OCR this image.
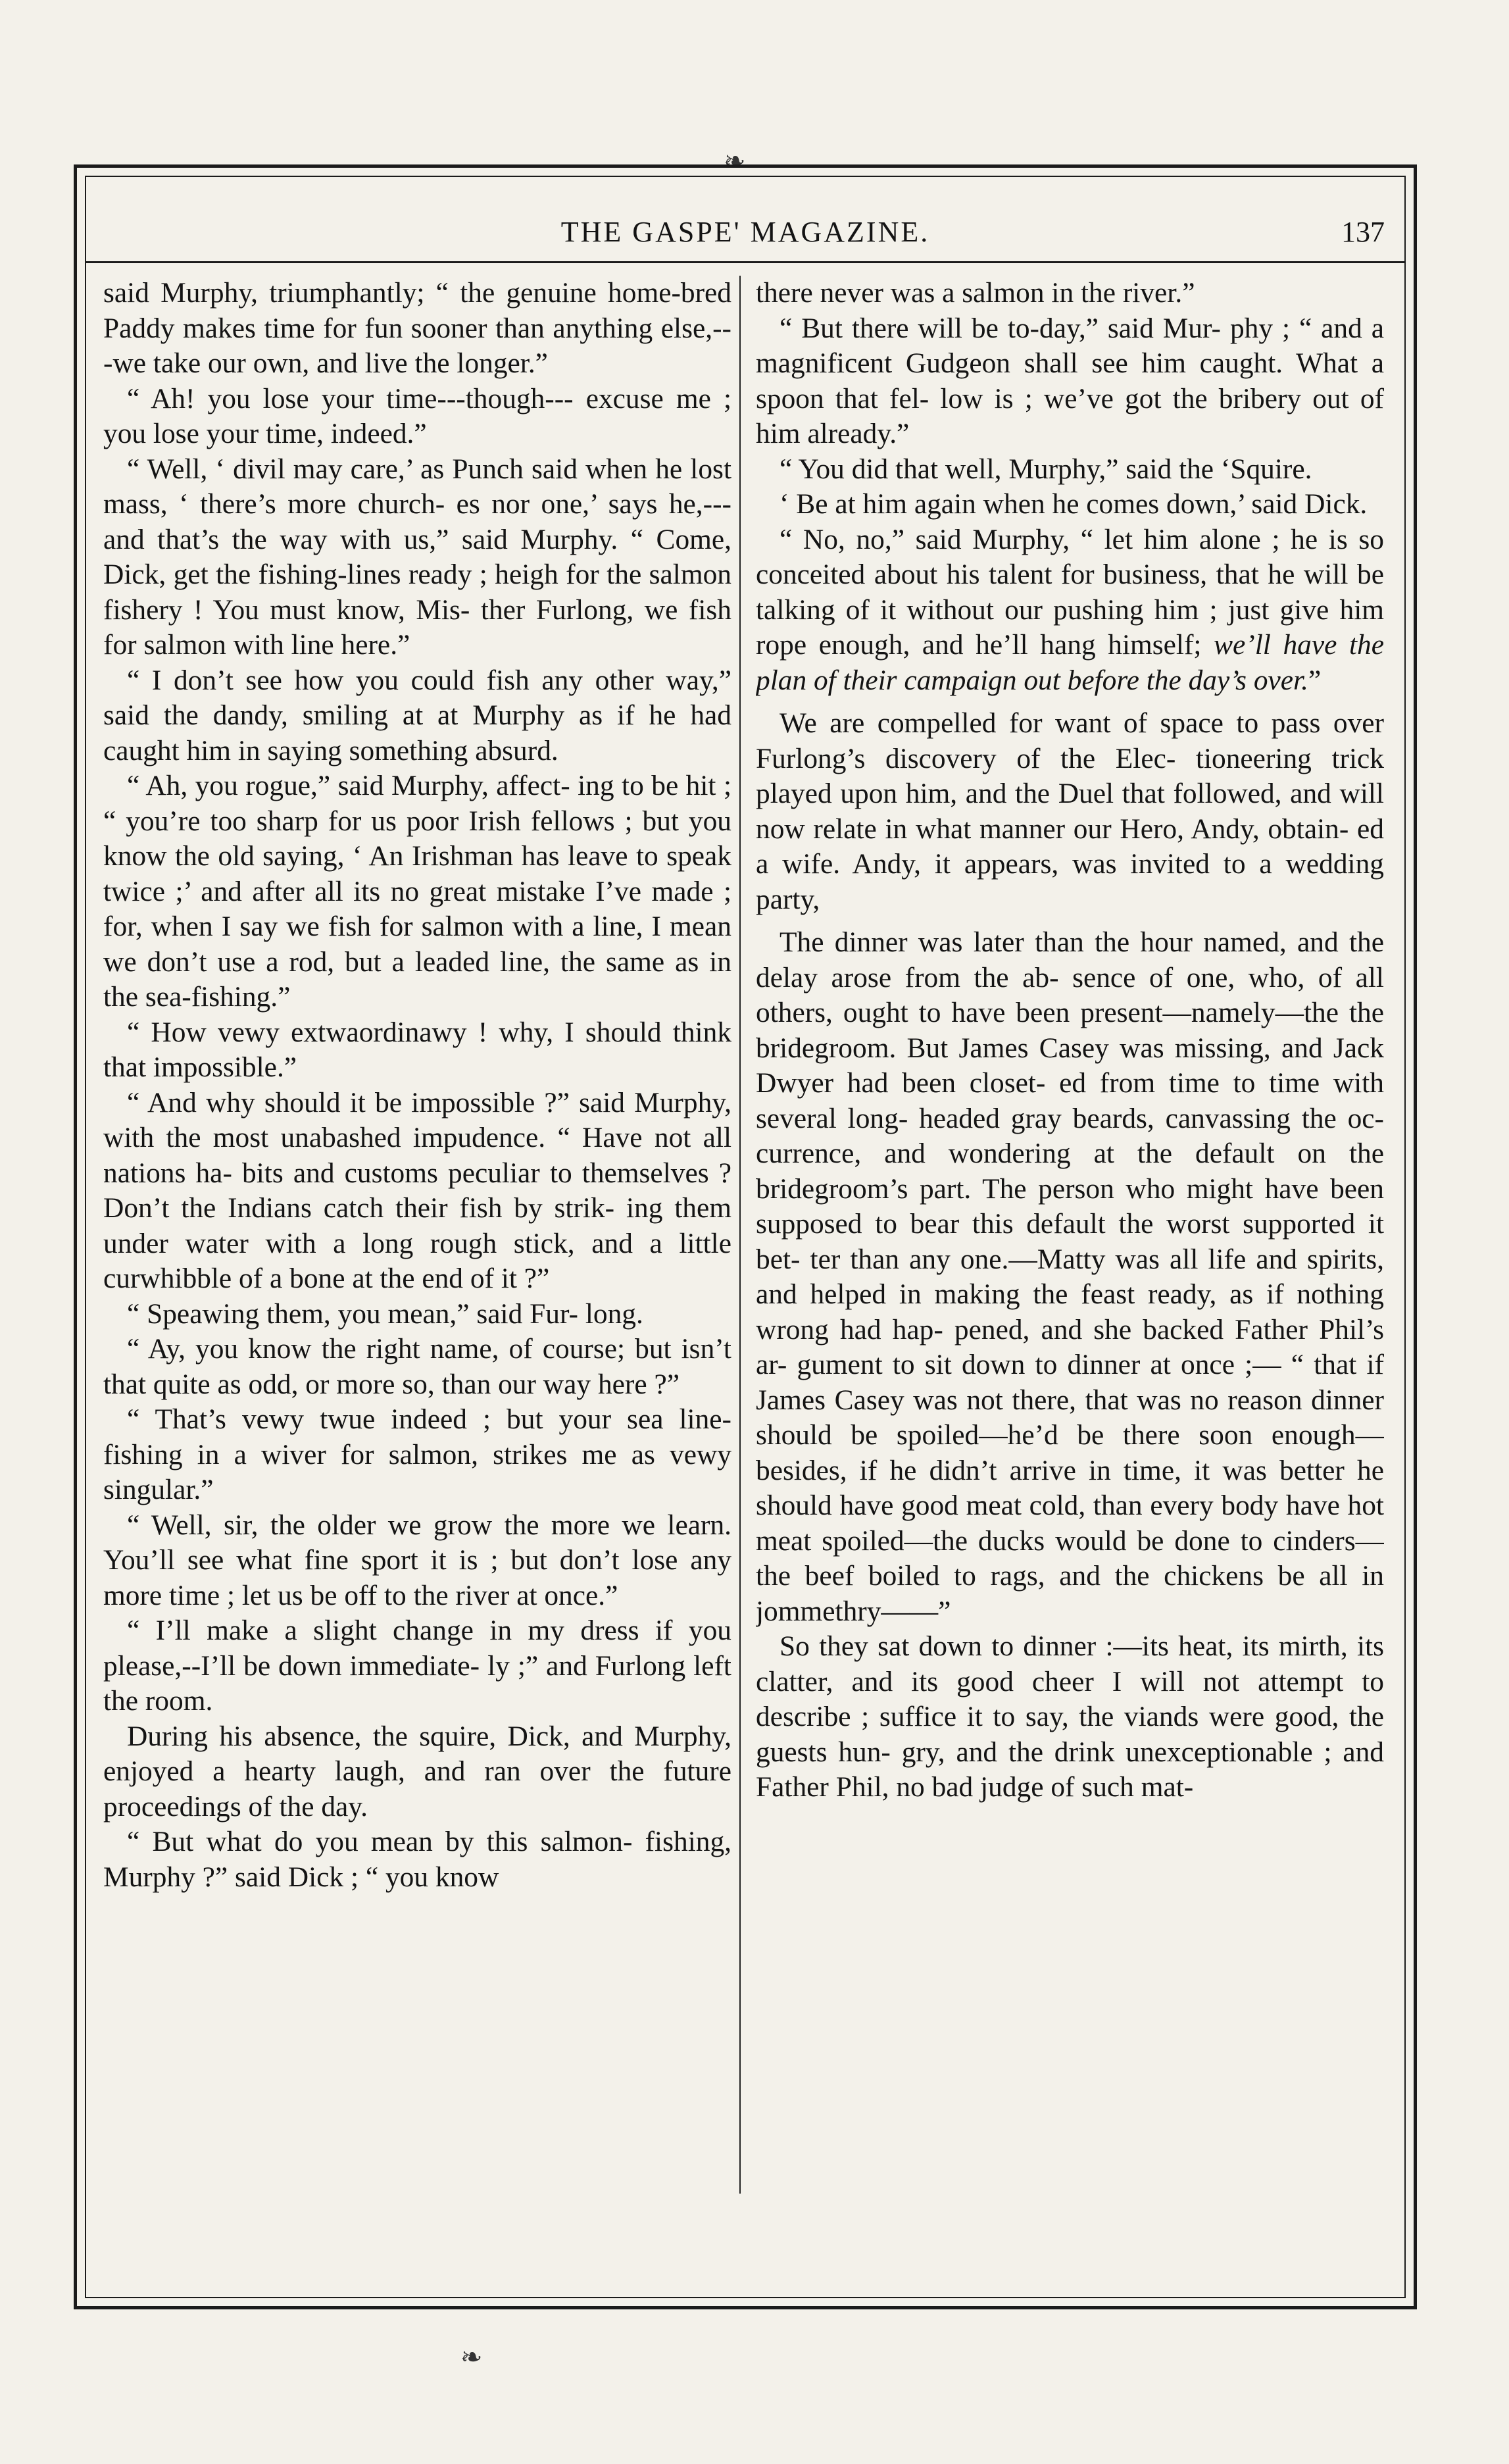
❧
THE GASPE' MAGAZINE.	137

said Murphy, triumphantly; “ the genuine home-bred Paddy makes time for fun sooner than anything else,---we take our own, and live the longer.”

“ Ah! you lose your time---though--- excuse me ; you lose your time, indeed.”

“ Well, ‘ divil may care,’ as Punch said when he lost mass, ‘ there’s more church- es nor one,’ says he,---and that’s the way with us,” said Murphy. “ Come, Dick, get the fishing-lines ready ; heigh for the salmon fishery ! You must know, Mis- ther Furlong, we fish for salmon with line here.”

“ I don’t see how you could fish any other way,” said the dandy, smiling at at Murphy as if he had caught him in saying something absurd.

“ Ah, you rogue,” said Murphy, affect- ing to be hit ; “ you’re too sharp for us poor Irish fellows ; but you know the old saying, ‘ An Irishman has leave to speak twice ;’ and after all its no great mistake I’ve made ; for, when I say we fish for salmon with a line, I mean we don’t use a rod, but a leaded line, the same as in the sea-fishing.”

“ How vewy extwaordinawy ! why, I should think that impossible.”

“ And why should it be impossible ?” said Murphy, with the most unabashed impudence. “ Have not all nations ha- bits and customs peculiar to themselves ? Don’t the Indians catch their fish by strik- ing them under water with a long rough stick, and a little curwhibble of a bone at the end of it ?”

“ Speawing them, you mean,” said Fur- long.

“ Ay, you know the right name, of course; but isn’t that quite as odd, or more so, than our way here ?”

“ That’s vewy twue indeed ; but your sea line-fishing in a wiver for salmon, strikes me as vewy singular.”

“ Well, sir, the older we grow the more we learn. You’ll see what fine sport it is ; but don’t lose any more time ; let us be off to the river at once.”

“ I’ll make a slight change in my dress if you please,--I’ll be down immediate- ly ;” and Furlong left the room.

During his absence, the squire, Dick, and Murphy, enjoyed a hearty laugh, and ran over the future proceedings of the day.

“ But what do you mean by this salmon- fishing, Murphy ?” said Dick ; “ you know

there never was a salmon in the river.”

“ But there will be to-day,” said Mur- phy ; “ and a magnificent Gudgeon shall see him caught. What a spoon that fel- low is ; we’ve got the bribery out of him already.”

“ You did that well, Murphy,” said the ‘Squire.

‘ Be at him again when he comes down,’ said Dick.

“ No, no,” said Murphy, “ let him alone ; he is so conceited about his talent for business, that he will be talking of it without our pushing him ; just give him rope enough, and he’ll hang himself; we’ll have the plan of their campaign out before the day’s over.”

We are compelled for want of space to pass over Furlong’s discovery of the Elec- tioneering trick played upon him, and the Duel that followed, and will now relate in what manner our Hero, Andy, obtain- ed a wife. Andy, it appears, was invited to a wedding party,

The dinner was later than the hour named, and the delay arose from the ab- sence of one, who, of all others, ought to have been present—namely—the the bridegroom. But James Casey was missing, and Jack Dwyer had been closet- ed from time to time with several long- headed gray beards, canvassing the oc- currence, and wondering at the default on the bridegroom’s part. The person who might have been supposed to bear this default the worst supported it bet- ter than any one.—Matty was all life and spirits, and helped in making the feast ready, as if nothing wrong had hap- pened, and she backed Father Phil’s ar- gument to sit down to dinner at once ;— “ that if James Casey was not there, that was no reason dinner should be spoiled—he’d be there soon enough— besides, if he didn’t arrive in time, it was better he should have good meat cold, than every body have hot meat spoiled—the ducks would be done to cinders—the beef boiled to rags, and the chickens be all in jommethry——”

So they sat down to dinner :—its heat, its mirth, its clatter, and its good cheer I will not attempt to describe ; suffice it to say, the viands were good, the guests hun- gry, and the drink unexceptionable ; and Father Phil, no bad judge of such mat-

❧
